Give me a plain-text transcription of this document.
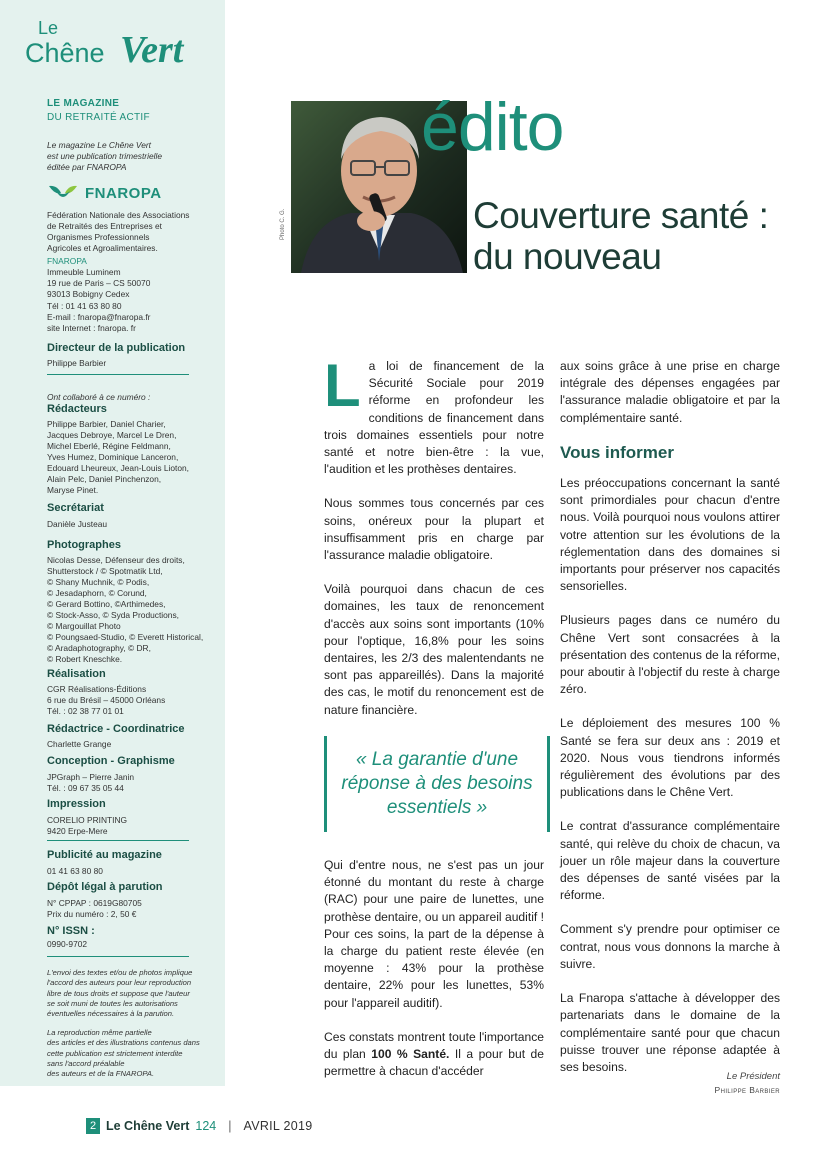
Le
Chêne Vert
LE MAGAZINE
DU RETRAITÉ ACTIF
Le magazine Le Chêne Vert
est une publication trimestrielle
éditée par FNAROPA
FNAROPA
Fédération Nationale des Associations
de Retraités des Entreprises et
Organismes Professionnels
Agricoles et Agroalimentaires.
FNAROPA
Immeuble Luminem
19 rue de Paris – CS 50070
93013 Bobigny Cedex
Tél : 01 41 63 80 80
E-mail : fnaropa@fnaropa.fr
site Internet : fnaropa. fr
Directeur de la publication
Philippe Barbier
Ont collaboré à ce numéro :
Rédacteurs
Philippe Barbier, Daniel Charier,
Jacques Debroye, Marcel Le Dren,
Michel Eberlé, Régine Feldmann,
Yves Humez, Dominique Lanceron,
Edouard Lheureux, Jean-Louis Lioton,
Alain Pelc, Daniel Pinchenzon,
Maryse Pinet.
Secrétariat
Danièle Justeau
Photographes
Nicolas Desse, Défenseur des droits,
Shutterstock / © Spotmatik Ltd,
© Shany Muchnik, © Podis,
© Jesadaphorn, © Corund,
© Gerard Bottino, ©Arthimedes,
© Stock-Asso, © Syda Productions,
© Margouillat Photo
© Poungsaed-Studio, © Everett Historical,
© Aradaphotography, © DR,
© Robert Kneschke.
Réalisation
CGR Réalisations-Éditions
6 rue du Brésil – 45000 Orléans
Tél. : 02 38 77 01 01
Rédactrice - Coordinatrice
Charlette Grange
Conception - Graphisme
JPGraph – Pierre Janin
Tél. : 09 67 35 05 44
Impression
CORELIO PRINTING
9420 Erpe-Mere
Publicité au magazine
01 41 63 80 80
Dépôt légal à parution
N° CPPAP : 0619G80705
Prix du numéro : 2, 50 €
N° ISSN :
0990-9702
L'envoi des textes et/ou de photos implique
l'accord des auteurs pour leur reproduction
libre de tous droits et suppose que l'auteur
se soit muni de toutes les autorisations
éventuelles nécessaires à la parution.
La reproduction même partielle
des articles et des illustrations contenus dans
cette publication est strictement interdite
sans l'accord préalable
des auteurs et de la FNAROPA.
Photo C. G.
édito
Couverture santé :
du nouveau

La loi de financement de la Sécurité Sociale pour 2019 réforme en profondeur les conditions de financement dans trois domaines essentiels pour notre santé et notre bien-être : la vue, l'audition et les prothèses dentaires.

Nous sommes tous concernés par ces soins, onéreux pour la plupart et insuffisamment pris en charge par l'assurance maladie obligatoire.

Voilà pourquoi dans chacun de ces domaines, les taux de renoncement d'accès aux soins sont importants (10% pour l'optique, 16,8% pour les soins dentaires, les 2/3 des malentendants ne sont pas appareillés). Dans la majorité des cas, le motif du renoncement est de nature financière.

« La garantie d'une réponse à des besoins essentiels »

Qui d'entre nous, ne s'est pas un jour étonné du montant du reste à charge (RAC) pour une paire de lunettes, une prothèse dentaire, ou un appareil auditif ! Pour ces soins, la part de la dépense à la charge du patient reste élevée (en moyenne : 43% pour la prothèse dentaire, 22% pour les lunettes, 53% pour l'appareil auditif).

Ces constats montrent toute l'importance du plan 100 % Santé. Il a pour but de permettre à chacun d'accéder

aux soins grâce à une prise en charge intégrale des dépenses engagées par l'assurance maladie obligatoire et par la complémentaire santé.

Vous informer

Les préoccupations concernant la santé sont primordiales pour chacun d'entre nous. Voilà pourquoi nous voulons attirer votre attention sur les évolutions de la réglementation dans des domaines si importants pour préserver nos capacités sensorielles.

Plusieurs pages dans ce numéro du Chêne Vert sont consacrées à la présentation des contenus de la réforme, pour aboutir à l'objectif du reste à charge zéro.

Le déploiement des mesures 100 % Santé se fera sur deux ans : 2019 et 2020. Nous vous tiendrons informés régulièrement des évolutions par des publications dans le Chêne Vert.

Le contrat d'assurance complémentaire santé, qui relève du choix de chacun, va jouer un rôle majeur dans la couverture des dépenses de santé visées par la réforme.

Comment s'y prendre pour optimiser ce contrat, nous vous donnons la marche à suivre.

La Fnaropa s'attache à développer des partenariats dans le domaine de la complémentaire santé pour que chacun puisse trouver une réponse adaptée à ses besoins.

Le Président
Philippe Barbier
2 Le Chêne Vert 124 | AVRIL 2019
